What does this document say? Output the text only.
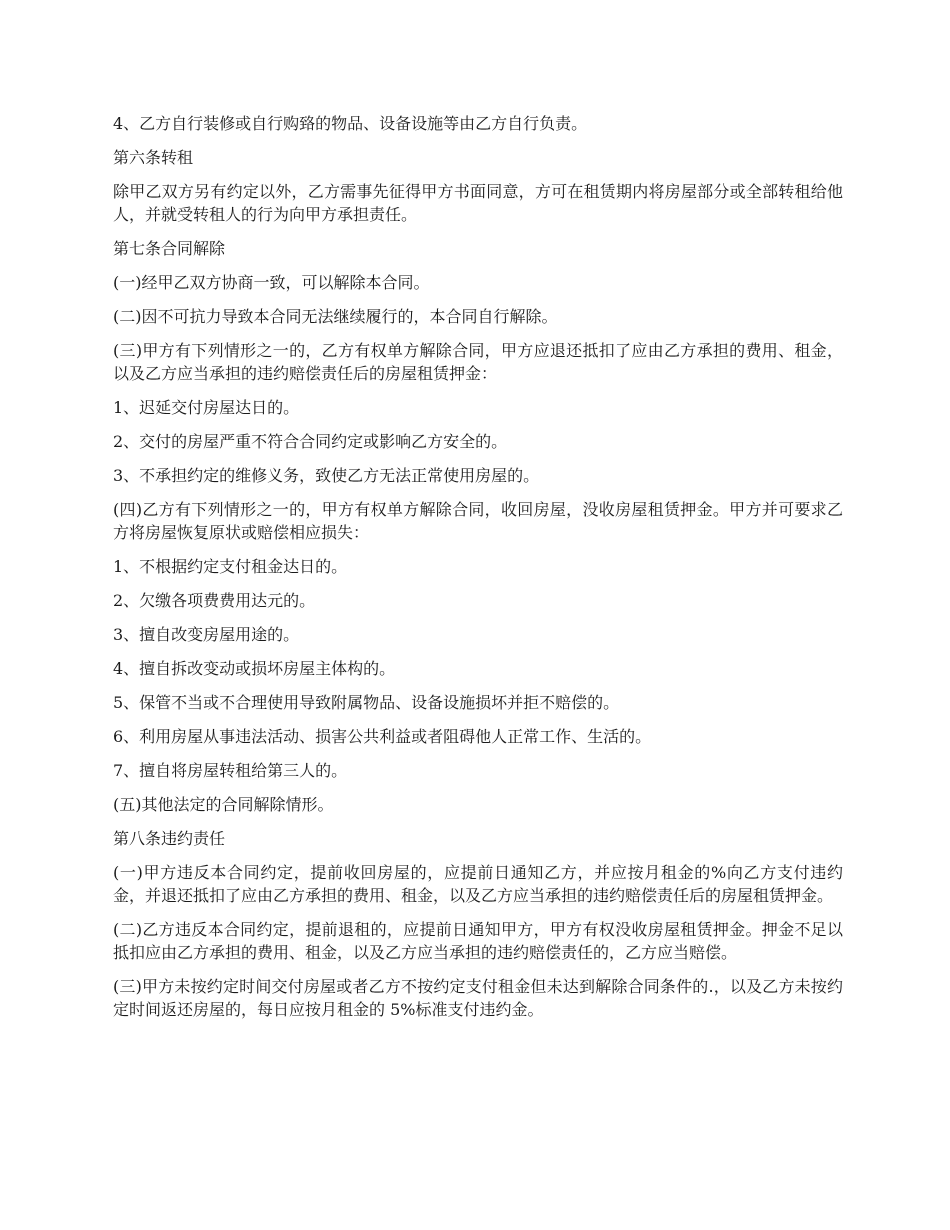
4、乙方自行装修或自行购臵的物品、设备设施等由乙方自行负责。

第六条转租

除甲乙双方另有约定以外，乙方需事先征得甲方书面同意，方可在租赁期内将房屋部分或全部转租给他人，并就受转租人的行为向甲方承担责任。

第七条合同解除

(一)经甲乙双方协商一致，可以解除本合同。

(二)因不可抗力导致本合同无法继续履行的，本合同自行解除。

(三)甲方有下列情形之一的，乙方有权单方解除合同，甲方应退还抵扣了应由乙方承担的费用、租金，以及乙方应当承担的违约赔偿责任后的房屋租赁押金：

1、迟延交付房屋达日的。

2、交付的房屋严重不符合合同约定或影响乙方安全的。

3、不承担约定的维修义务，致使乙方无法正常使用房屋的。

(四)乙方有下列情形之一的，甲方有权单方解除合同，收回房屋，没收房屋租赁押金。甲方并可要求乙方将房屋恢复原状或赔偿相应损失：

1、不根据约定支付租金达日的。

2、欠缴各项费费用达元的。

3、擅自改变房屋用途的。

4、擅自拆改变动或损坏房屋主体构的。

5、保管不当或不合理使用导致附属物品、设备设施损坏并拒不赔偿的。

6、利用房屋从事违法活动、损害公共利益或者阻碍他人正常工作、生活的。

7、擅自将房屋转租给第三人的。

(五)其他法定的合同解除情形。

第八条违约责任

(一)甲方违反本合同约定，提前收回房屋的，应提前日通知乙方，并应按月租金的%向乙方支付违约金，并退还抵扣了应由乙方承担的费用、租金，以及乙方应当承担的违约赔偿责任后的房屋租赁押金。

(二)乙方违反本合同约定，提前退租的，应提前日通知甲方，甲方有权没收房屋租赁押金。押金不足以抵扣应由乙方承担的费用、租金，以及乙方应当承担的违约赔偿责任的，乙方应当赔偿。

(三)甲方未按约定时间交付房屋或者乙方不按约定支付租金但未达到解除合同条件的.，以及乙方未按约定时间返还房屋的，每日应按月租金的 5%标准支付违约金。
